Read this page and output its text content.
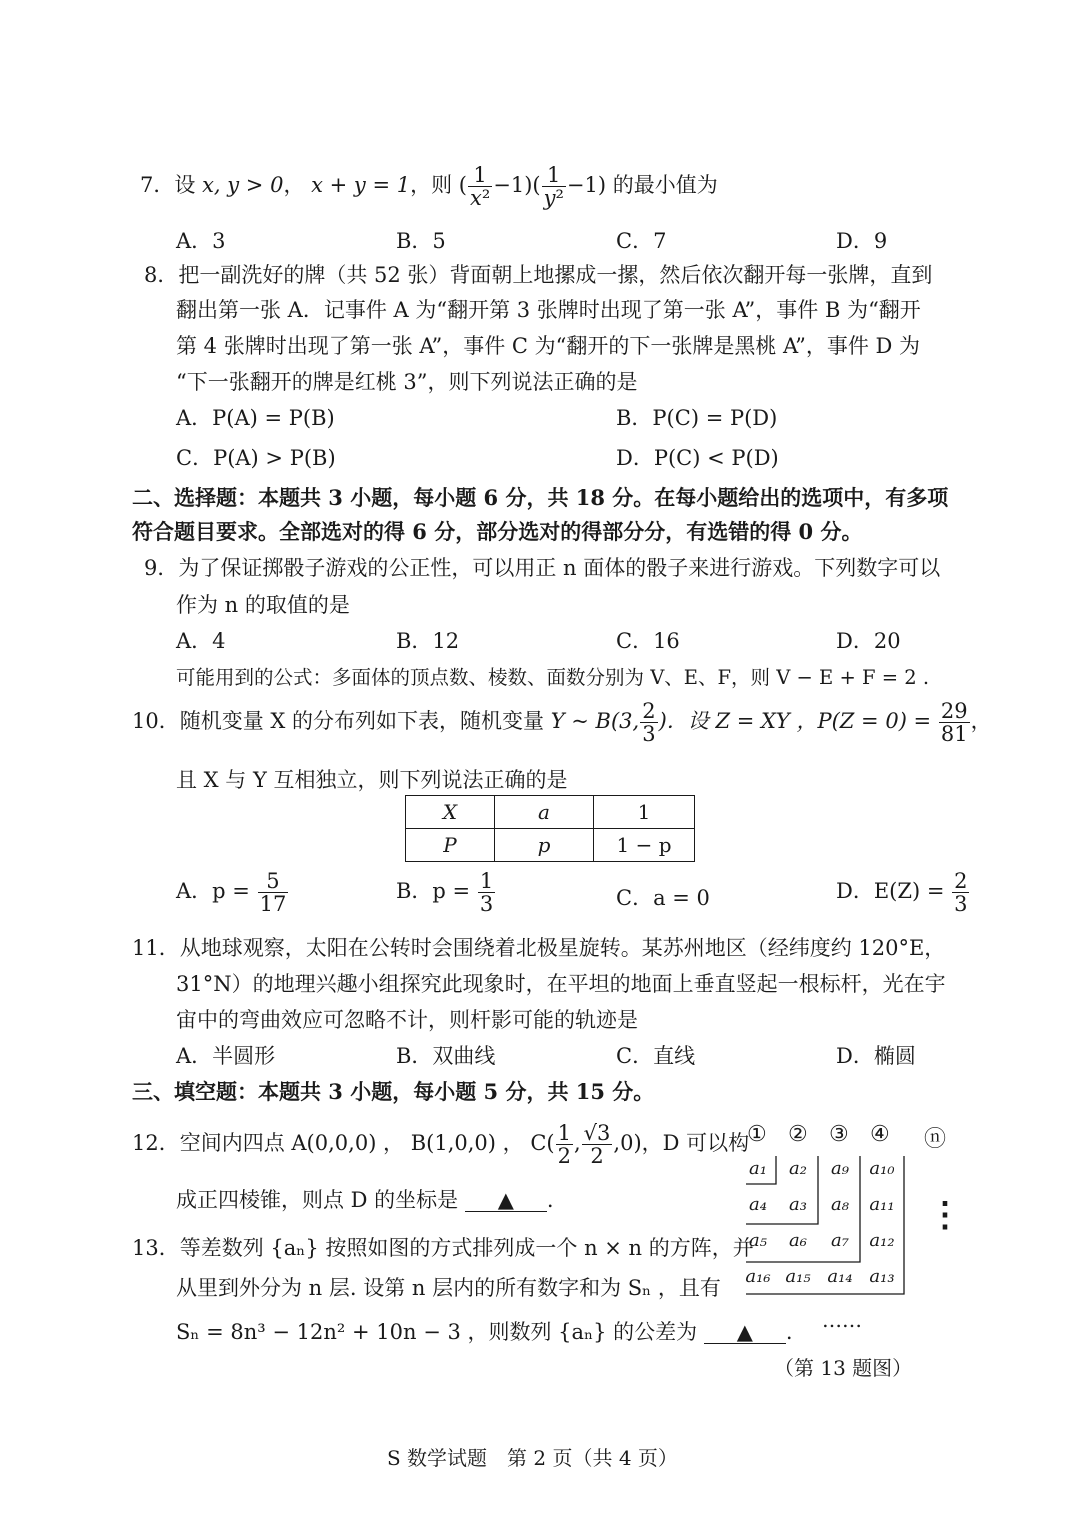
7．设 x, y > 0， x + y = 1，则 ( $\frac{1}{\text{x²}} -1)( \frac{1}{\text{y²}} -1)$ 的最小值为
A．3	B．5	C．7	D．9
8．把一副洗好的牌（共 52 张）背面朝上地摞成一摞，然后依次翻开每一张牌，直到
翻出第一张 A．记事件 A 为“翻开第 3 张牌时出现了第一张 A”，事件 B 为“翻开
第 4 张牌时出现了第一张 A”，事件 C 为“翻开的下一张牌是黑桃 A”，事件 D 为
“下一张翻开的牌是红桃 3”，则下列说法正确的是
A．P(A) = P(B)	B．P(C) = P(D)
C．P(A) > P(B)	D．P(C) < P(D)
二、选择题：本题共 3 小题，每小题 6 分，共 18 分。在每小题给出的选项中，有多项
符合题目要求。全部选对的得 6 分，部分选对的得部分分，有选错的得 0 分。
9．为了保证掷骰子游戏的公正性，可以用正 n 面体的骰子来进行游戏。下列数字可以
作为 n 的取值的是
A．4	B．12	C．16	D．20
可能用到的公式：多面体的顶点数、棱数、面数分别为 V、E、F，则 V − E + F = 2 .
10．随机变量 X 的分布列如下表，随机变量 Y ~ B(3, $\frac{2}{3}$ )．设 Z = XY ，$P(Z = 0) = \frac{29}{81}$ ，
且 X 与 Y 互相独立，则下列说法正确的是
X	a	1
P	p	1 − p
A．$p = \frac{5}{17}$	B．$p = \frac{1}{3}$	C．a = 0	D．$E(Z) = \frac{2}{3}$
11．从地球观察，太阳在公转时会围绕着北极星旋转。某苏州地区（经纬度约 120°E，
31°N）的地理兴趣小组探究此现象时，在平坦的地面上垂直竖起一根标杆，光在宇
宙中的弯曲效应可忽略不计，则杆影可能的轨迹是
A．半圆形	B．双曲线	C．直线	D．椭圆
三、填空题：本题共 3 小题，每小题 5 分，共 15 分。
12．空间内四点 A(0,0,0) ， B(1,0,0) ， $C( \frac{1}{2}$ , $\frac{√3}{2} ,0$)，D 可以构
成正四棱锥，则点 D 的坐标是 ▲ .
13．等差数列 {aₙ} 按照如图的方式排列成一个 n × n 的方阵，并
从里到外分为 n 层. 设第 n 层内的所有数字和为 Sₙ ，且有
Sₙ = 8n³ − 12n² + 10n − 3 ，则数列 {aₙ} 的公差为 ▲ .
① ② ③ ④ ⓝ
a₁	a₂	a₉	a₁₀
a₄	a₃	a₈	a₁₁
a₅	a₆	a₇	a₁₂
a₁₆ a₁₅ a₁₄ a₁₃
⋮
……
（第 13 题图）
S 数学试题　第 2 页（共 4 页）
